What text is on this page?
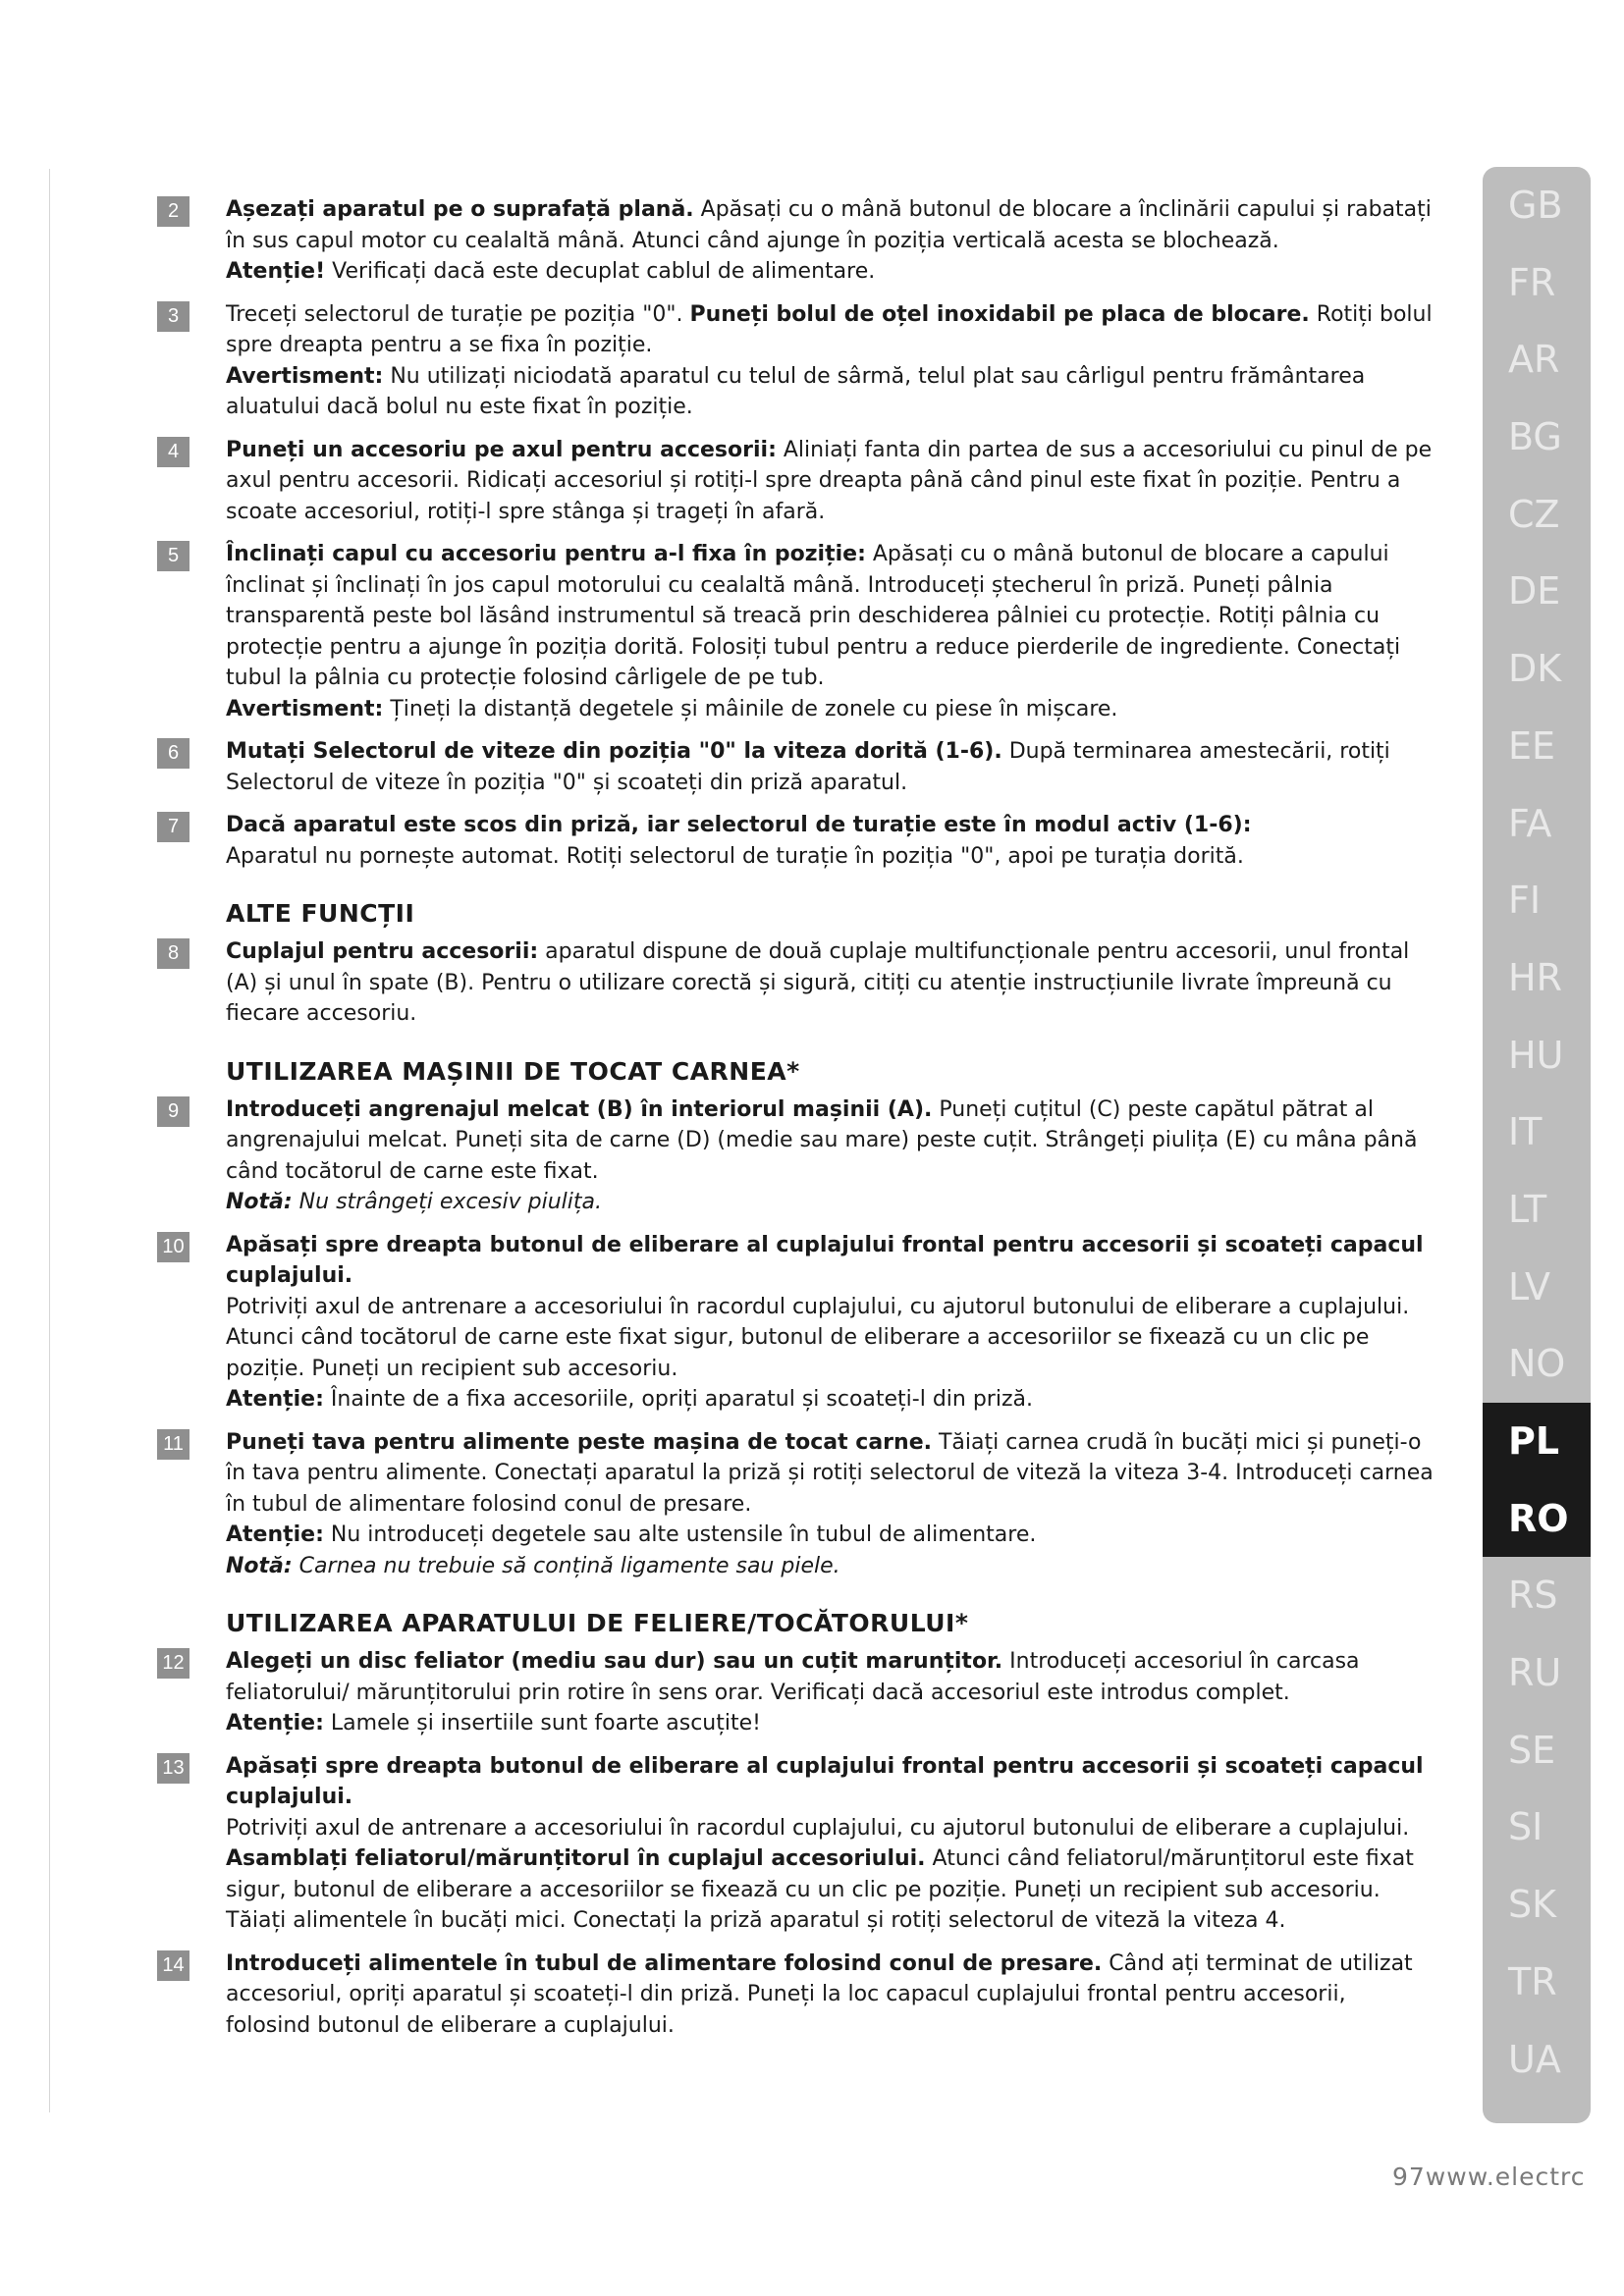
2	Așezați aparatul pe o suprafață plană. Apăsați cu o mână butonul de blocare a înclinării capului și rabatați în sus capul motor cu cealaltă mână. Atunci când ajunge în poziția verticală acesta se blochează.

Atenție! Verificați dacă este decuplat cablul de alimentare.

3	Treceți selectorul de turație pe poziția "0". Puneți bolul de oțel inoxidabil pe placa de blocare. Rotiți bolul spre dreapta pentru a se fixa în poziție.

Avertisment: Nu utilizați niciodată aparatul cu telul de sârmă, telul plat sau cârligul pentru frământarea aluatului dacă bolul nu este fixat în poziție.

4	Puneți un accesoriu pe axul pentru accesorii: Aliniați fanta din partea de sus a accesoriului cu pinul de pe axul pentru accesorii. Ridicați accesoriul și rotiți-l spre dreapta până când pinul este fixat în poziție. Pentru a scoate accesoriul, rotiți-l spre stânga și trageți în afară.

5	Înclinați capul cu accesoriu pentru a-l fixa în poziție: Apăsați cu o mână butonul de blocare a capului înclinat și înclinați în jos capul motorului cu cealaltă mână. Introduceți ștecherul în priză. Puneți pâlnia transparentă peste bol lăsând instrumentul să treacă prin deschiderea pâlniei cu protecție. Rotiți pâlnia cu protecție pentru a ajunge în poziția dorită. Folosiți tubul pentru a reduce pierderile de ingrediente. Conectați tubul la pâlnia cu protecție folosind cârligele de pe tub.

Avertisment: Țineți la distanță degetele și mâinile de zonele cu piese în mișcare.

6	Mutați Selectorul de viteze din poziția "0" la viteza dorită (1-6). După terminarea amestecării, rotiți Selectorul de viteze în poziția "0" și scoateți din priză aparatul.

7	Dacă aparatul este scos din priză, iar selectorul de turație este în modul activ (1-6):

Aparatul nu pornește automat. Rotiți selectorul de turație în poziția "0", apoi pe turația dorită.

ALTE FUNCȚII
8	Cuplajul pentru accesorii: aparatul dispune de două cuplaje multifuncționale pentru accesorii, unul frontal (A) și unul în spate (B). Pentru o utilizare corectă și sigură, citiți cu atenție instrucțiunile livrate împreună cu fiecare accesoriu.

UTILIZAREA MAȘINII DE TOCAT CARNEA*
9	Introduceți angrenajul melcat (B) în interiorul mașinii (A). Puneți cuțitul (C) peste capătul pătrat al angrenajului melcat. Puneți sita de carne (D) (medie sau mare) peste cuțit. Strângeți piulița (E) cu mâna până când tocătorul de carne este fixat.

Notă: Nu strângeți excesiv piulița.

10 Apăsați spre dreapta butonul de eliberare al cuplajului frontal pentru accesorii și scoateți capacul cuplajului.

Potriviți axul de antrenare a accesoriului în racordul cuplajului, cu ajutorul butonului de eliberare a cuplajului.

Atunci când tocătorul de carne este fixat sigur, butonul de eliberare a accesoriilor se fixează cu un clic pe poziție. Puneți un recipient sub accesoriu.

Atenție: Înainte de a fixa accesoriile, opriți aparatul și scoateți-l din priză.

11 Puneți tava pentru alimente peste mașina de tocat carne. Tăiați carnea crudă în bucăți mici și puneți-o în tava pentru alimente. Conectați aparatul la priză și rotiți selectorul de viteză la viteza 3-4. Introduceți carnea în tubul de alimentare folosind conul de presare.

Atenție: Nu introduceți degetele sau alte ustensile în tubul de alimentare.

Notă: Carnea nu trebuie să conțină ligamente sau piele.

UTILIZAREA APARATULUI DE FELIERE/TOCĂTORULUI*
12 Alegeți un disc feliator (mediu sau dur) sau un cuțit marunțitor. Introduceți accesoriul în carcasa feliatorului/ mărunțitorului prin rotire în sens orar. Verificați dacă accesoriul este introdus complet.

Atenție: Lamele și insertiile sunt foarte ascuțite!

13 Apăsați spre dreapta butonul de eliberare al cuplajului frontal pentru accesorii și scoateți capacul cuplajului.

Potriviți axul de antrenare a accesoriului în racordul cuplajului, cu ajutorul butonului de eliberare a cuplajului.

Asamblați feliatorul/mărunțitorul în cuplajul accesoriului. Atunci când feliatorul/mărunțitorul este fixat sigur, butonul de eliberare a accesoriilor se fixează cu un clic pe poziție. Puneți un recipient sub accesoriu. Tăiați alimentele în bucăți mici. Conectați la priză aparatul și rotiți selectorul de viteză la viteza 4.

14 Introduceți alimentele în tubul de alimentare folosind conul de presare. Când ați terminat de utilizat accesoriul, opriți aparatul și scoateți-l din priză. Puneți la loc capacul cuplajului frontal pentru accesorii, folosind butonul de eliberare a cuplajului.

GB
FR
AR
BG
CZ
DE
DK
EE
FA
FI
HR
HU
IT
LT
LV
NO
PL
RO
RS
RU
SE
SI
SK
TR
UA
97www.electrc
